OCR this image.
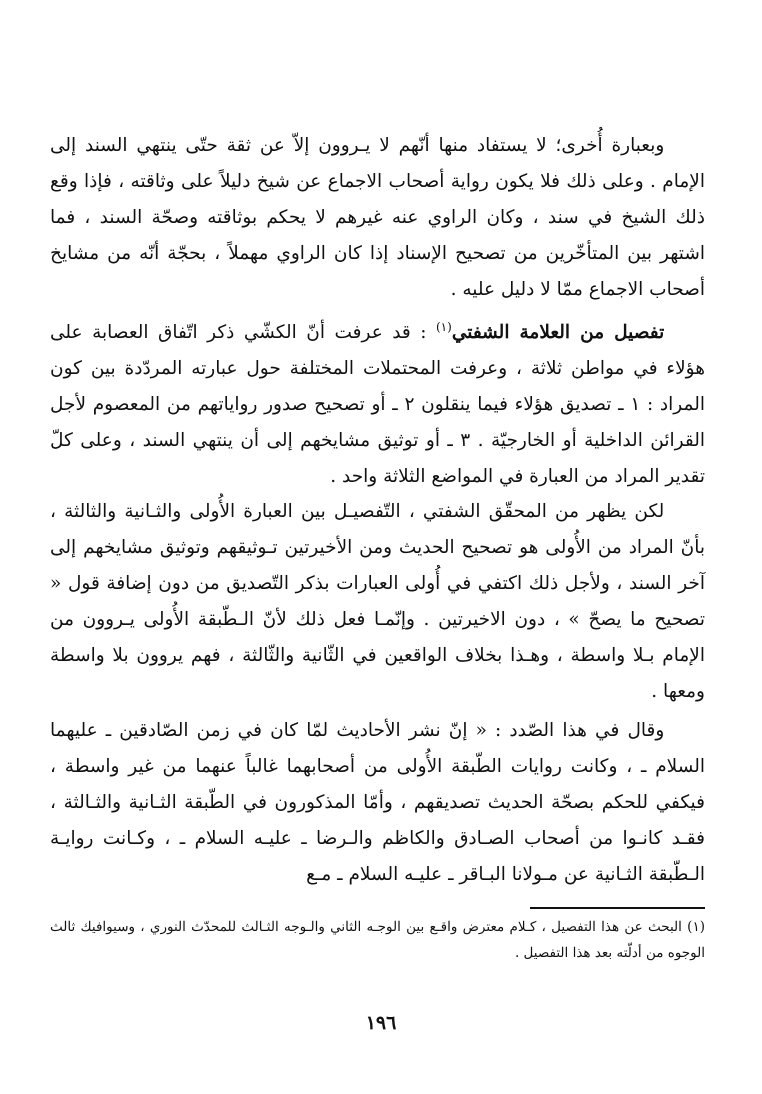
وبعبارة أُخرى؛ لا يستفاد منها أنّهم لا يـروون إلاّ عن ثقة حتّى ينتهي السند إلى الإمام . وعلى ذلك فلا يكون رواية أصحاب الاجماع عن شيخ دليلاً على وثاقته ، فإذا وقع ذلك الشيخ في سند ، وكان الراوي عنه غيرهم لا يحكم بوثاقته وصحّة السند ، فما اشتهر بين المتأخّرين من تصحيح الإسناد إذا كان الراوي مهملاً ، بحجّة أنّه من مشايخ أصحاب الاجماع ممّا لا دليل عليه .

تفصيل من العلامة الشفتي$^{(١)}$ : قد عرفت أنّ الكشّي ذكر اتّفاق العصابة على هؤلاء في مواطن ثلاثة ، وعرفت المحتملات المختلفة حول عبارته المردّدة بين كون المراد : ١ ـ تصديق هؤلاء فيما ينقلون ٢ ـ أو تصحيح صدور رواياتهم من المعصوم لأجل القرائن الداخلية أو الخارجيّة . ٣ ـ أو توثيق مشايخهم إلى أن ينتهي السند ، وعلى كلّ تقدير المراد من العبارة في المواضع الثلاثة واحد .

لكن يظهر من المحقّق الشفتي ، التّفصيـل بين العبارة الأُولى والثـانية والثالثة ، بأنّ المراد من الأُولى هو تصحيح الحديث ومن الأخيرتين تـوثيقهم وتوثيق مشايخهم إلى آخر السند ، ولأجل ذلك اكتفي في أُولى العبارات بذكر التّصديق من دون إضافة قول « تصحيح ما يصحّ » ، دون الاخيرتين . وإنّمـا فعل ذلك لأنّ الـطّبقة الأُولى يـروون من الإمام بـلا واسطة ، وهـذا بخلاف الواقعين في الثّانية والثّالثة ، فهم يروون بلا واسطة ومعها .

وقال في هذا الصّدد : « إنّ نشر الأحاديث لمّا كان في زمن الصّادقين ـ عليهما السلام ـ ، وكانت روايات الطّبقة الأُولى من أصحابهما غالباً عنهما من غير واسطة ، فيكفي للحكم بصحّة الحديث تصديقهم ، وأمّا المذكورون في الطّبقة الثـانية والثـالثة ، فقـد كانـوا من أصحاب الصـادق والكاظم والـرضا ـ عليـه السلام ـ ، وكـانت روايـة الـطّبقة الثـانية عن مـولانا البـاقر ـ عليـه السلام ـ مـع

(١) البحث عن هذا التفصيل ، كـلام معترض واقـع بين الوجـه الثاني والـوجه الثـالث للمحدّث النوري ، وسيوافيك ثالث الوجوه من أدلّته بعد هذا التفصيل .
١٩٦
